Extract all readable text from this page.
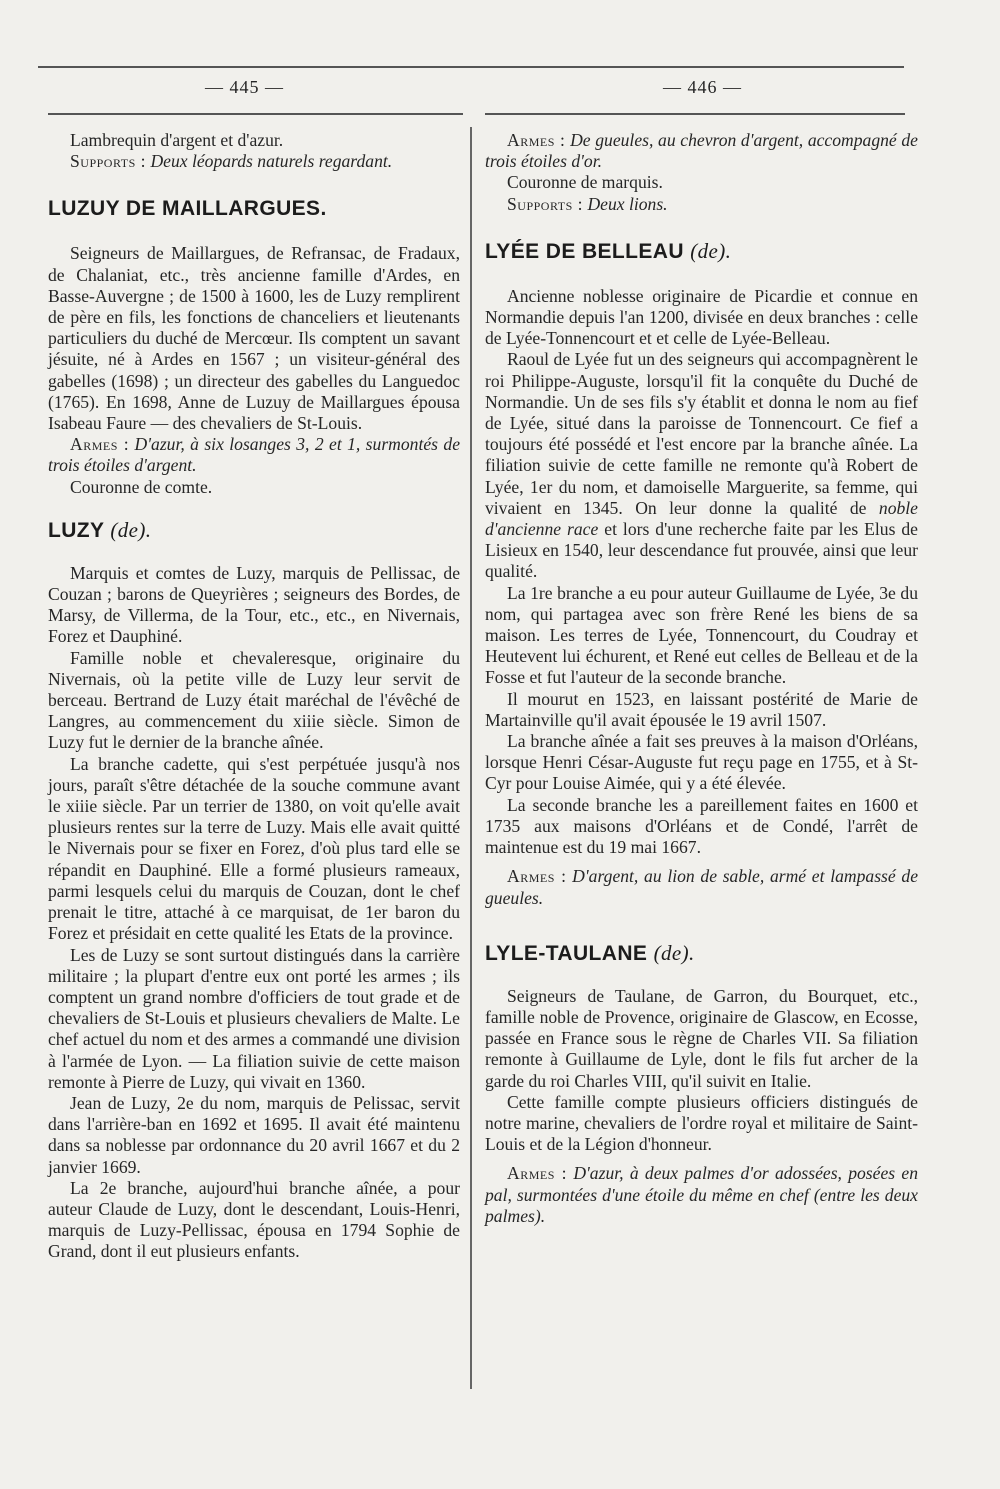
— 445 —	— 446 —

Lambrequin d'argent et d'azur.

Supports : Deux léopards naturels regardant.

LUZUY DE MAILLARGUES.

Seigneurs de Maillargues, de Refransac, de Fradaux, de Chalaniat, etc., très ancienne famille d'Ardes, en Basse-Auvergne ; de 1500 à 1600, les de Luzy remplirent de père en fils, les fonctions de chanceliers et lieutenants particuliers du duché de Mercœur. Ils comptent un savant jésuite, né à Ardes en 1567 ; un visiteur-général des gabelles (1698) ; un directeur des gabelles du Languedoc (1765). En 1698, Anne de Luzuy de Maillargues épousa Isabeau Faure — des chevaliers de St-Louis.

Armes : D'azur, à six losanges 3, 2 et 1, surmontés de trois étoiles d'argent.

Couronne de comte.

LUZY (de).

Marquis et comtes de Luzy, marquis de Pellissac, de Couzan ; barons de Queyrières ; seigneurs des Bordes, de Marsy, de Villerma, de la Tour, etc., etc., en Nivernais, Forez et Dauphiné.

Famille noble et chevaleresque, originaire du Nivernais, où la petite ville de Luzy leur servit de berceau. Bertrand de Luzy était maréchal de l'évêché de Langres, au commencement du xiiie siècle. Simon de Luzy fut le dernier de la branche aînée.

La branche cadette, qui s'est perpétuée jusqu'à nos jours, paraît s'être détachée de la souche commune avant le xiiie siècle. Par un terrier de 1380, on voit qu'elle avait plusieurs rentes sur la terre de Luzy. Mais elle avait quitté le Nivernais pour se fixer en Forez, d'où plus tard elle se répandit en Dauphiné. Elle a formé plusieurs rameaux, parmi lesquels celui du marquis de Couzan, dont le chef prenait le titre, attaché à ce marquisat, de 1er baron du Forez et présidait en cette qualité les Etats de la province.

Les de Luzy se sont surtout distingués dans la carrière militaire ; la plupart d'entre eux ont porté les armes ; ils comptent un grand nombre d'officiers de tout grade et de chevaliers de St-Louis et plusieurs chevaliers de Malte. Le chef actuel du nom et des armes a commandé une division à l'armée de Lyon. — La filiation suivie de cette maison remonte à Pierre de Luzy, qui vivait en 1360.

Jean de Luzy, 2e du nom, marquis de Pelissac, servit dans l'arrière-ban en 1692 et 1695. Il avait été maintenu dans sa noblesse par ordonnance du 20 avril 1667 et du 2 janvier 1669.

La 2e branche, aujourd'hui branche aînée, a pour auteur Claude de Luzy, dont le descendant, Louis-Henri, marquis de Luzy-Pellissac, épousa en 1794 Sophie de Grand, dont il eut plusieurs enfants.

Armes : De gueules, au chevron d'argent, accompagné de trois étoiles d'or.

Couronne de marquis.

Supports : Deux lions.

LYÉE DE BELLEAU (de).

Ancienne noblesse originaire de Picardie et connue en Normandie depuis l'an 1200, divisée en deux branches : celle de Lyée-Tonnencourt et et celle de Lyée-Belleau.

Raoul de Lyée fut un des seigneurs qui accompagnèrent le roi Philippe-Auguste, lorsqu'il fit la conquête du Duché de Normandie. Un de ses fils s'y établit et donna le nom au fief de Lyée, situé dans la paroisse de Tonnencourt. Ce fief a toujours été possédé et l'est encore par la branche aînée. La filiation suivie de cette famille ne remonte qu'à Robert de Lyée, 1er du nom, et damoiselle Marguerite, sa femme, qui vivaient en 1345. On leur donne la qualité de noble d'ancienne race et lors d'une recherche faite par les Elus de Lisieux en 1540, leur descendance fut prouvée, ainsi que leur qualité.

La 1re branche a eu pour auteur Guillaume de Lyée, 3e du nom, qui partagea avec son frère René les biens de sa maison. Les terres de Lyée, Tonnencourt, du Coudray et Heutevent lui échurent, et René eut celles de Belleau et de la Fosse et fut l'auteur de la seconde branche.

Il mourut en 1523, en laissant postérité de Marie de Martainville qu'il avait épousée le 19 avril 1507.

La branche aînée a fait ses preuves à la maison d'Orléans, lorsque Henri César-Auguste fut reçu page en 1755, et à St-Cyr pour Louise Aimée, qui y a été élevée.

La seconde branche les a pareillement faites en 1600 et 1735 aux maisons d'Orléans et de Condé, l'arrêt de maintenue est du 19 mai 1667.

Armes : D'argent, au lion de sable, armé et lampassé de gueules.

LYLE-TAULANE (de).

Seigneurs de Taulane, de Garron, du Bourquet, etc., famille noble de Provence, originaire de Glascow, en Ecosse, passée en France sous le règne de Charles VII. Sa filiation remonte à Guillaume de Lyle, dont le fils fut archer de la garde du roi Charles VIII, qu'il suivit en Italie.

Cette famille compte plusieurs officiers distingués de notre marine, chevaliers de l'ordre royal et militaire de Saint-Louis et de la Légion d'honneur.

Armes : D'azur, à deux palmes d'or adossées, posées en pal, surmontées d'une étoile du même en chef (entre les deux palmes).
